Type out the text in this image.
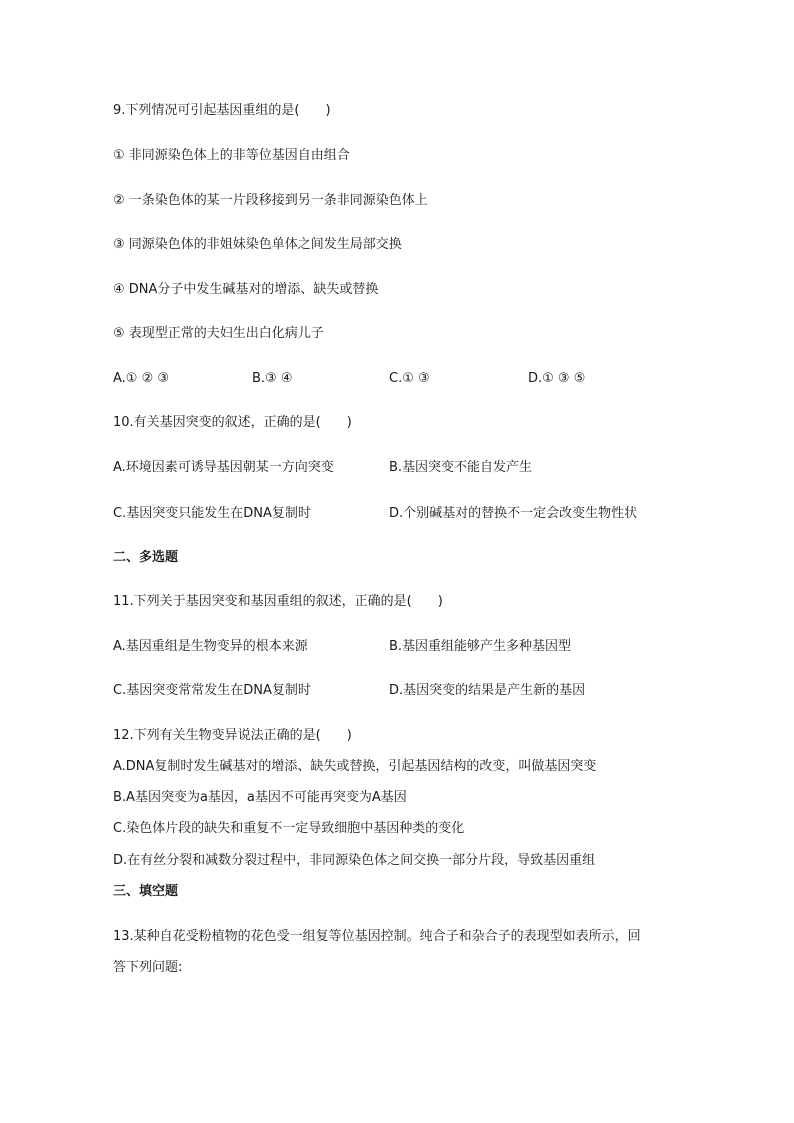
9.下列情况可引起基因重组的是(　　)
① 非同源染色体上的非等位基因自由组合
② 一条染色体的某一片段移接到另一条非同源染色体上
③ 同源染色体的非姐妹染色单体之间发生局部交换
④ DNA分子中发生碱基对的增添、缺失或替换
⑤ 表现型正常的夫妇生出白化病儿子
A.① ② ③	B.③ ④	C.① ③	D.① ③ ⑤
10.有关基因突变的叙述，正确的是(　　)
A.环境因素可诱导基因朝某一方向突变	B.基因突变不能自发产生
C.基因突变只能发生在DNA复制时	D.个别碱基对的替换不一定会改变生物性状
二、多选题
11.下列关于基因突变和基因重组的叙述，正确的是(　　)
A.基因重组是生物变异的根本来源	B.基因重组能够产生多种基因型
C.基因突变常常发生在DNA复制时	D.基因突变的结果是产生新的基因
12.下列有关生物变异说法正确的是(　　)
A.DNA复制时发生碱基对的增添、缺失或替换，引起基因结构的改变，叫做基因突变
B.A基因突变为a基因，a基因不可能再突变为A基因
C.染色体片段的缺失和重复不一定导致细胞中基因种类的变化
D.在有丝分裂和减数分裂过程中，非同源染色体之间交换一部分片段，导致基因重组
三、填空题
13.某种自花受粉植物的花色受一组复等位基因控制。纯合子和杂合子的表现型如表所示，回
答下列问题:
